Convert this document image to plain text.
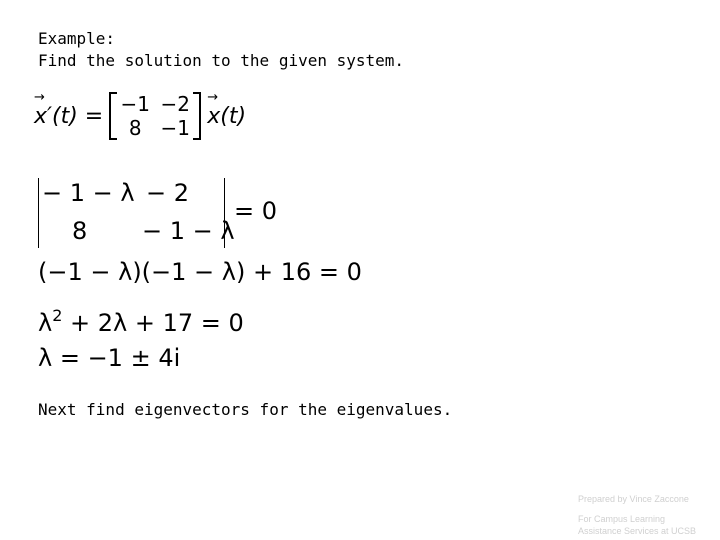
Example:
Find the solution to the given system.
→ x′(t) = −1 −2
8 −1
→ x(t)
− 1 − λ − 2
8 − 1 − λ
= 0
(−1 − λ)(−1 − λ) + 16 = 0
$\lambda^2 + 2\lambda + 17 = 0$
λ = −1 ± 4i
Next find eigenvectors for the eigenvalues.
Prepared by Vince Zaccone
For Campus Learning
Assistance Services at UCSB
